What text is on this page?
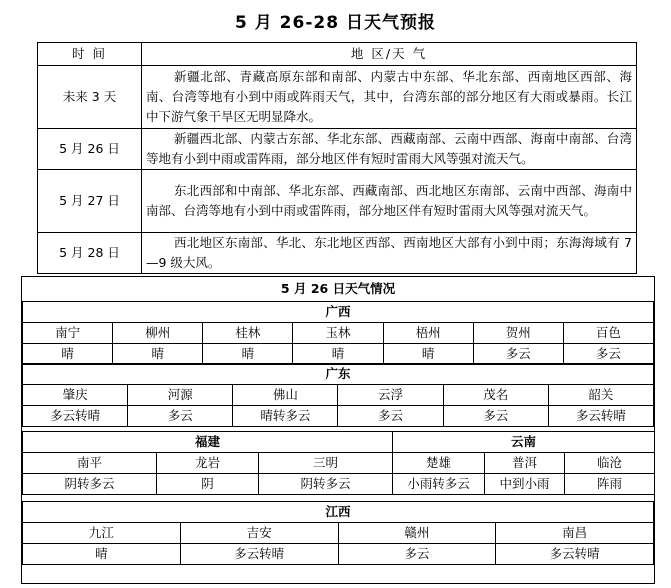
5 月 26-28 日天气预报
时 间	地 区/天 气
未来 3 天	新疆北部、青藏高原东部和南部、内蒙古中东部、华北东部、西南地区西部、海南、台湾等地有小到中雨或阵雨天气，其中，台湾东部的部分地区有大雨或暴雨。长江中下游气象干旱区无明显降水。

5 月 26 日	新疆西北部、内蒙古东部、华北东部、西藏南部、云南中西部、海南中南部、台湾等地有小到中雨或雷阵雨，部分地区伴有短时雷雨大风等强对流天气。

5 月 27 日	东北西部和中南部、华北东部、西藏南部、西北地区东南部、云南中西部、海南中南部、台湾等地有小到中雨或雷阵雨，部分地区伴有短时雷雨大风等强对流天气。

5 月 28 日	西北地区东南部、华北、东北地区西部、西南地区大部有小到中雨；东海海域有 7—9 级大风。

5 月 26 日天气情况
广西						
南宁	柳州	桂林	玉林	梧州	贺州	百色
晴	晴	晴	晴	晴	多云	多云
广东					
肇庆	河源	佛山	云浮	茂名	韶关
多云转晴	多云	晴转多云	多云	多云	多云转晴
福建			云南		
南平	龙岩	三明	楚雄	普洱	临沧
阴转多云	阴	阴转多云	小雨转多云	中到小雨	阵雨
江西			
九江	吉安	赣州	南昌
晴	多云转晴	多云	多云转晴
